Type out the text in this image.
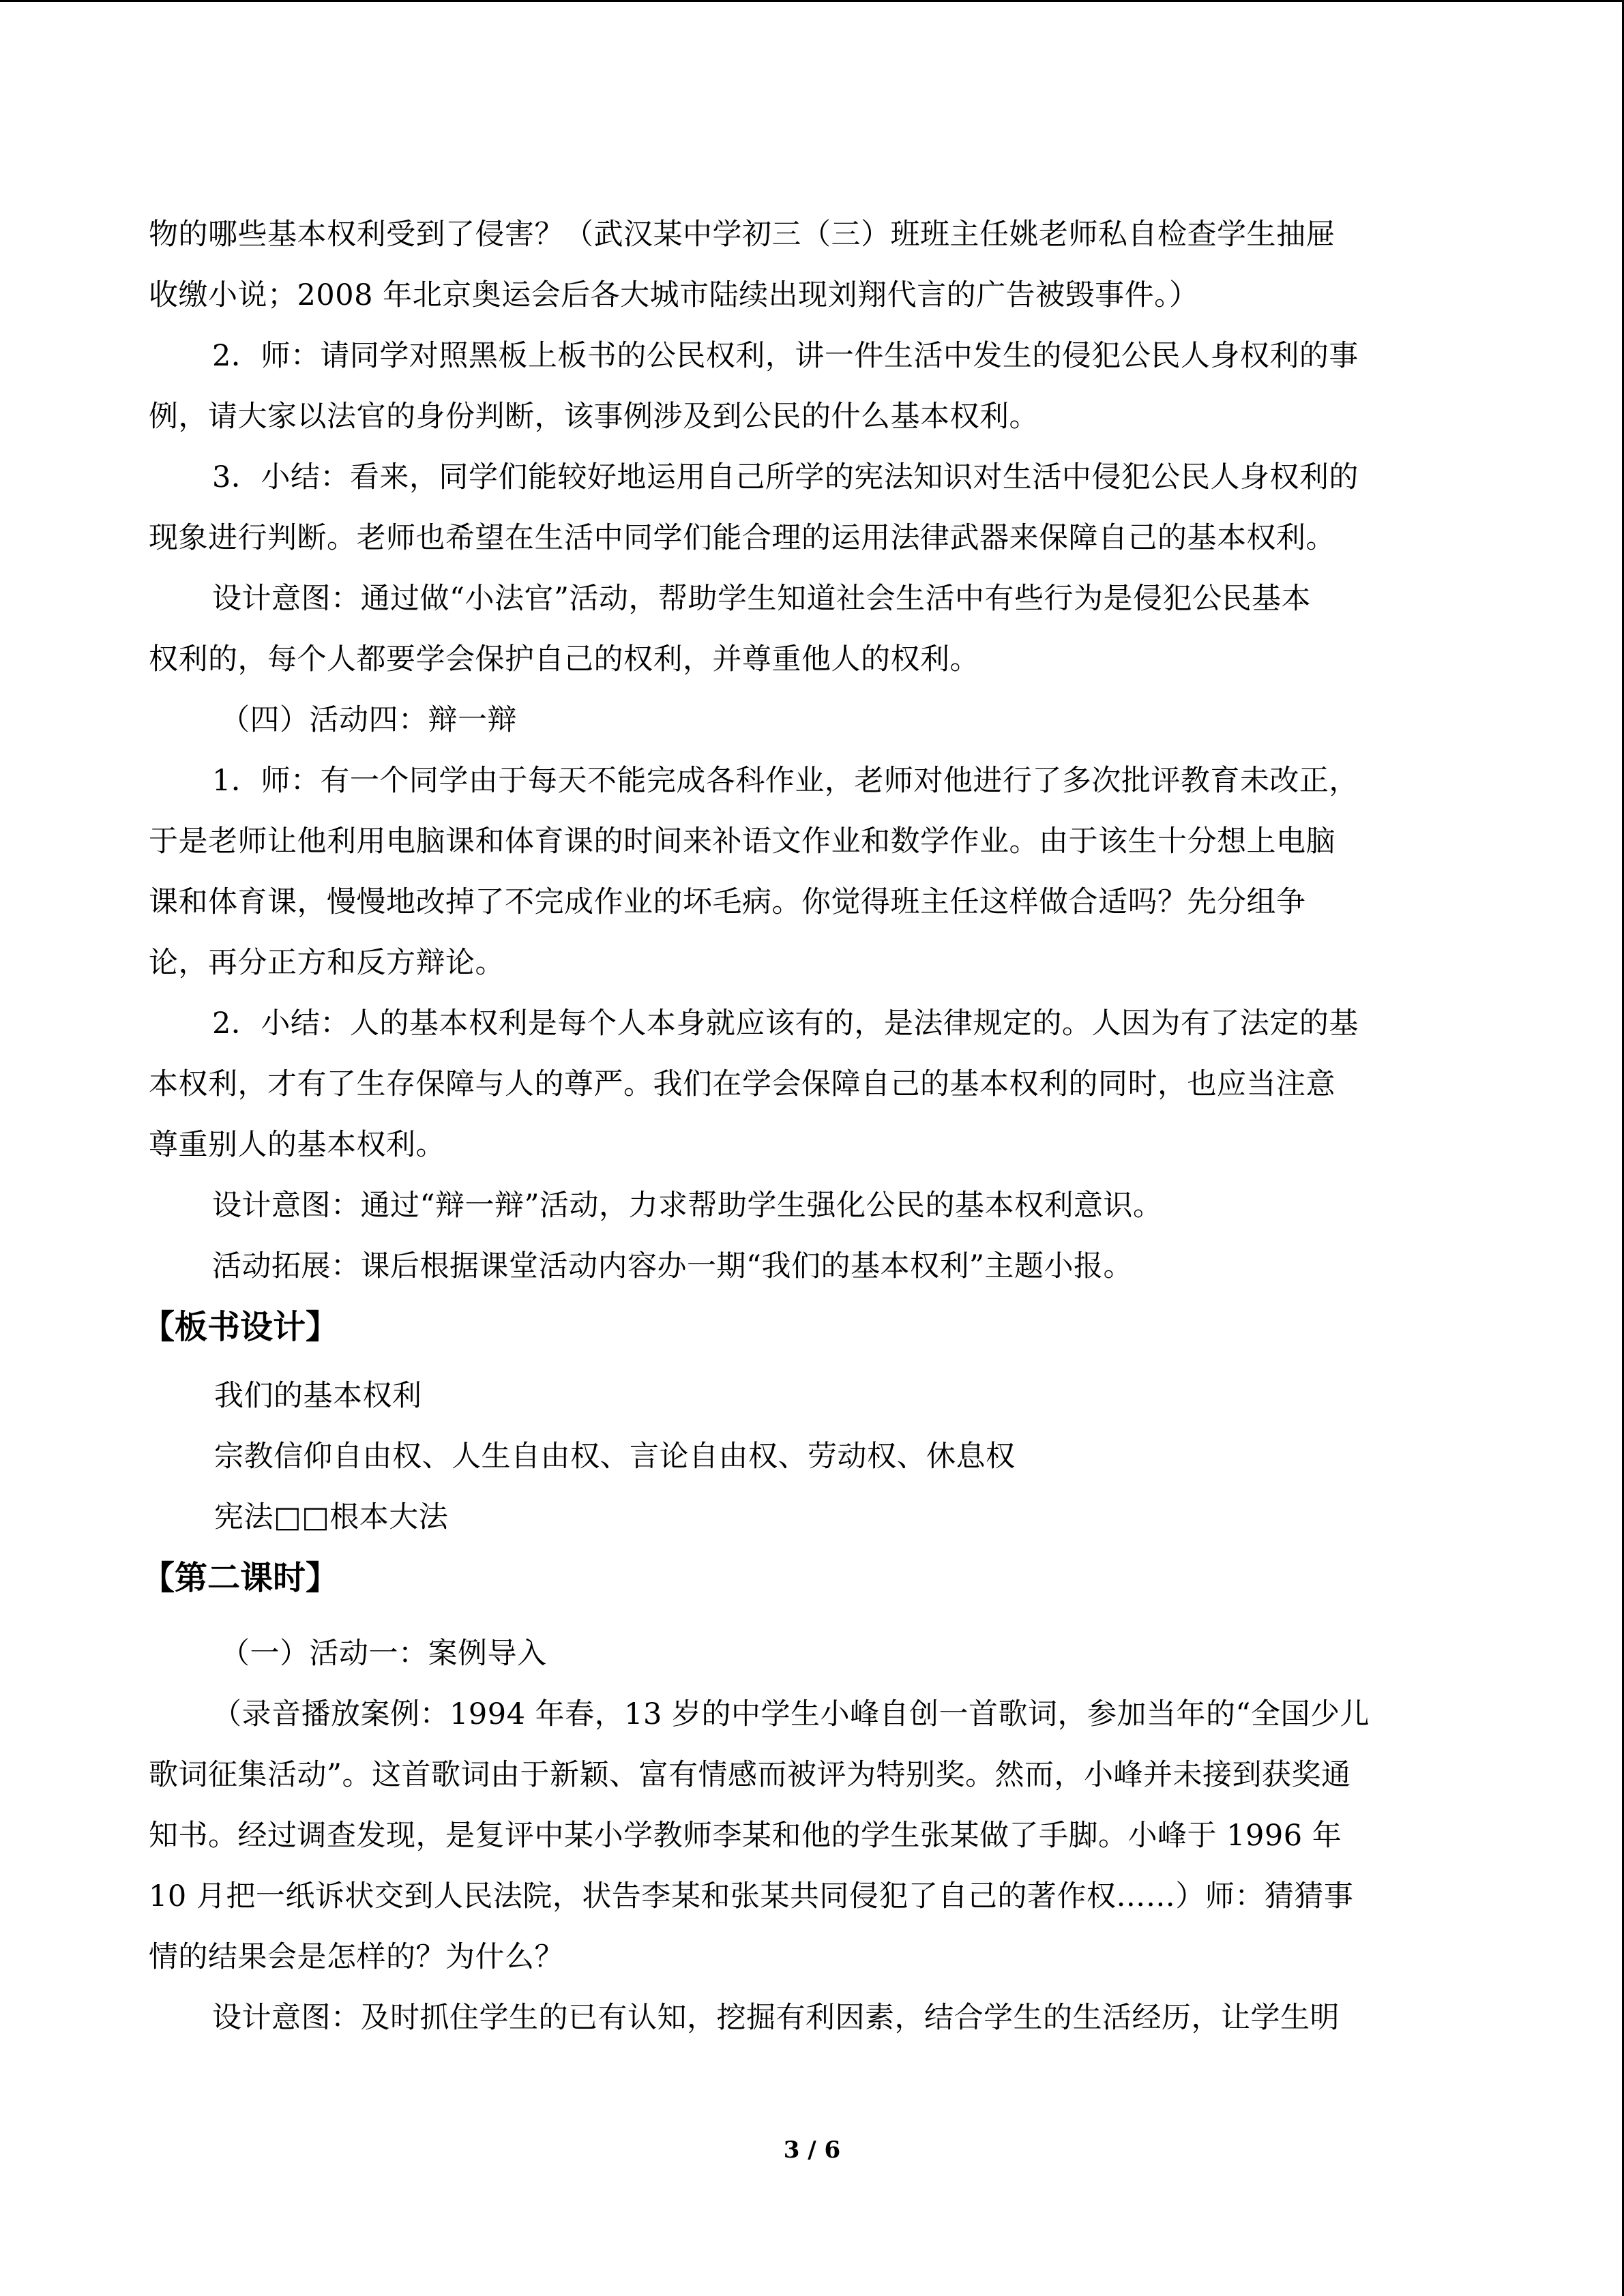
物的哪些基本权利受到了侵害？（武汉某中学初三（三）班班主任姚老师私自检查学生抽屉
收缴小说；2008 年北京奥运会后各大城市陆续出现刘翔代言的广告被毁事件。）
2．师：请同学对照黑板上板书的公民权利，讲一件生活中发生的侵犯公民人身权利的事
例，请大家以法官的身份判断，该事例涉及到公民的什么基本权利。
3．小结：看来，同学们能较好地运用自己所学的宪法知识对生活中侵犯公民人身权利的
现象进行判断。老师也希望在生活中同学们能合理的运用法律武器来保障自己的基本权利。
设计意图：通过做“小法官”活动，帮助学生知道社会生活中有些行为是侵犯公民基本
权利的，每个人都要学会保护自己的权利，并尊重他人的权利。
（四）活动四：辩一辩
1．师：有一个同学由于每天不能完成各科作业，老师对他进行了多次批评教育未改正，
于是老师让他利用电脑课和体育课的时间来补语文作业和数学作业。由于该生十分想上电脑
课和体育课，慢慢地改掉了不完成作业的坏毛病。你觉得班主任这样做合适吗？先分组争
论，再分正方和反方辩论。
2．小结：人的基本权利是每个人本身就应该有的，是法律规定的。人因为有了法定的基
本权利，才有了生存保障与人的尊严。我们在学会保障自己的基本权利的同时，也应当注意
尊重别人的基本权利。
设计意图：通过“辩一辩”活动，力求帮助学生强化公民的基本权利意识。
活动拓展：课后根据课堂活动内容办一期“我们的基本权利”主题小报。
【板书设计】
我们的基本权利
宗教信仰自由权、人生自由权、言论自由权、劳动权、休息权
宪法□□根本大法
【第二课时】
（一）活动一：案例导入
（录音播放案例：1994 年春，13 岁的中学生小峰自创一首歌词，参加当年的“全国少儿
歌词征集活动”。这首歌词由于新颖、富有情感而被评为特别奖。然而，小峰并未接到获奖通
知书。经过调查发现，是复评中某小学教师李某和他的学生张某做了手脚。小峰于 1996 年
10 月把一纸诉状交到人民法院，状告李某和张某共同侵犯了自己的著作权……）师：猜猜事
情的结果会是怎样的？为什么？
设计意图：及时抓住学生的已有认知，挖掘有利因素，结合学生的生活经历，让学生明
3 / 6
